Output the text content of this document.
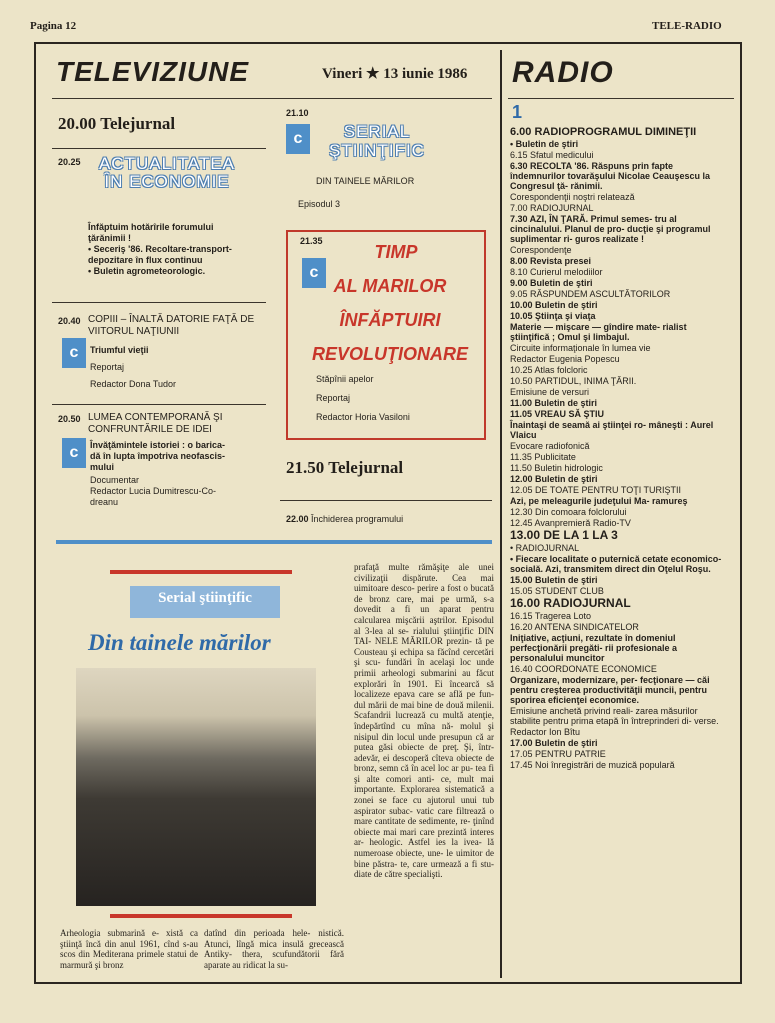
Pagina 12	TELE-RADIO
TELEVIZIUNE	Vineri ★ 13 iunie 1986
20.00 Telejurnal
20.25	ACTUALITATEA ÎN ECONOMIE
Înfăptuim hotărîrile forumului
ţărănimii !
• Seceriş '86. Recoltare-transport-
depozitare în flux continuu
• Buletin agrometeorologic.
20.40 COPIII – ÎNALTĂ DATORIE FAŢĂ DE VIITORUL NAŢIUNII
c	Triumful vieţii
Reportaj
Redactor Dona Tudor
20.50 LUMEA CONTEMPORANĂ ŞI CONFRUNTĂRILE DE IDEI
c	Învăţămintele istoriei : o barica-
dă în lupta împotriva neofascis-
mului
Documentar
Redactor Lucia Dumitrescu-Co-
dreanu
21.10
c	SERIAL ŞTIINŢIFIC
DIN TAINELE MĂRILOR
Episodul 3
21.35
c
TIMP
AL MARILOR
ÎNFĂPTUIRI
REVOLUŢIONARE
Stăpînii apelor
Reportaj
Redactor Horia Vasiloni
21.50 Telejurnal
22.00 Închiderea programului
Serial ştiinţific
Din tainele mărilor
Arheologia submarină e- xistă ca ştiinţă încă din anul 1961, cînd s-au scos din Mediterana primele statui de marmură şi bronz
datînd din perioada hele- nistică. Atunci, lîngă mica insulă grecească Antiky- thera, scufundătorii fără aparate au ridicat la su-
prafaţă multe rămăşiţe ale unei civilizaţii dispărute. Cea mai uimitoare desco- perire a fost o bucată de bronz care, mai pe urmă, s-a dovedit a fi un aparat pentru calcularea mişcării aştrilor. Episodul al 3-lea al se- rialului ştiinţific DIN TAI- NELE MĂRILOR prezin- tă pe Cousteau şi echipa sa făcînd cercetări şi scu- fundări în acelaşi loc unde primii arheologi submarini au făcut explorări în 1901. Ei încearcă să localizeze epava care se află pe fun- dul mării de mai bine de două milenii. Scafandrii lucrează cu multă atenţie, îndepărtînd cu mîna nă- molul şi nisipul din locul unde presupun că ar putea găsi obiecte de preţ. Şi, într-adevăr, ei descoperă cîteva obiecte de bronz, semn că în acel loc ar pu- tea fi şi alte comori anti- ce, mult mai importante. Explorarea sistematică a zonei se face cu ajutorul unui tub aspirator subac- vatic care filtrează o mare cantitate de sedimente, re- ţinînd obiecte mai mari care prezintă interes ar- heologic. Astfel ies la ivea- lă numeroase obiecte, une- le uimitor de bine păstra- te, care urmează a fi stu- diate de către specialişti.
RADIO
1
6.00 RADIOPROGRAMUL DIMINEŢII
• Buletin de ştiri
6.15 Sfatul medicului
6.30 RECOLTA '86. Răspuns prin fapte îndemnurilor tovarăşului Nicolae Ceauşescu la Congresul ţă- rănimii.
Corespondenţii noştri relatează
7.00 RADIOJURNAL
7.30 AZI, ÎN ŢARĂ. Primul semes- tru al cincinalului. Planul de pro- ducţie şi programul suplimentar ri- guros realizate !
Corespondenţe
8.00 Revista presei
8.10 Curierul melodiilor
9.00 Buletin de ştiri
9.05 RĂSPUNDEM ASCULTĂTORILOR
10.00 Buletin de ştiri
10.05 Ştiinţa şi viaţa
Materie — mişcare — gîndire mate- rialist ştiinţifică ; Omul şi limbajul.
Circuite informaţionale în lumea vie
Redactor Eugenia Popescu
10.25 Atlas folcloric
10.50 PARTIDUL, INIMA ŢĂRII.
Emisiune de versuri
11.00 Buletin de ştiri
11.05 VREAU SĂ ŞTIU
Înaintaşi de seamă ai ştiinţei ro- mâneşti : Aurel Vlaicu
Evocare radiofonică
11.35 Publicitate
11.50 Buletin hidrologic
12.00 Buletin de ştiri
12.05 DE TOATE PENTRU TOŢI TURIŞTII
Azi, pe meleagurile judeţului Ma- ramureş
12.30 Din comoara folclorului
12.45 Avanpremieră Radio-TV
13.00 DE LA 1 LA 3
• RADIOJURNAL
• Fiecare localitate o puternică cetate economico-socială. Azi, transmitem direct din Oţelul Roşu.
15.00 Buletin de ştiri
15.05 STUDENT CLUB
16.00 RADIOJURNAL
16.15 Tragerea Loto
16.20 ANTENA SINDICATELOR
Iniţiative, acţiuni, rezultate în domeniul perfecţionării pregăti- rii profesionale a personalului muncitor
16.40 COORDONATE ECONOMICE
Organizare, modernizare, per- fecţionare — căi pentru creşterea productivităţii muncii, pentru sporirea eficienţei economice.
Emisiune anchetă privind reali- zarea măsurilor stabilite pentru prima etapă în întreprinderi di- verse.
Redactor Ion Bîtu
17.00 Buletin de ştiri
17.05 PENTRU PATRIE
17.45 Noi înregistrări de muzică populară
